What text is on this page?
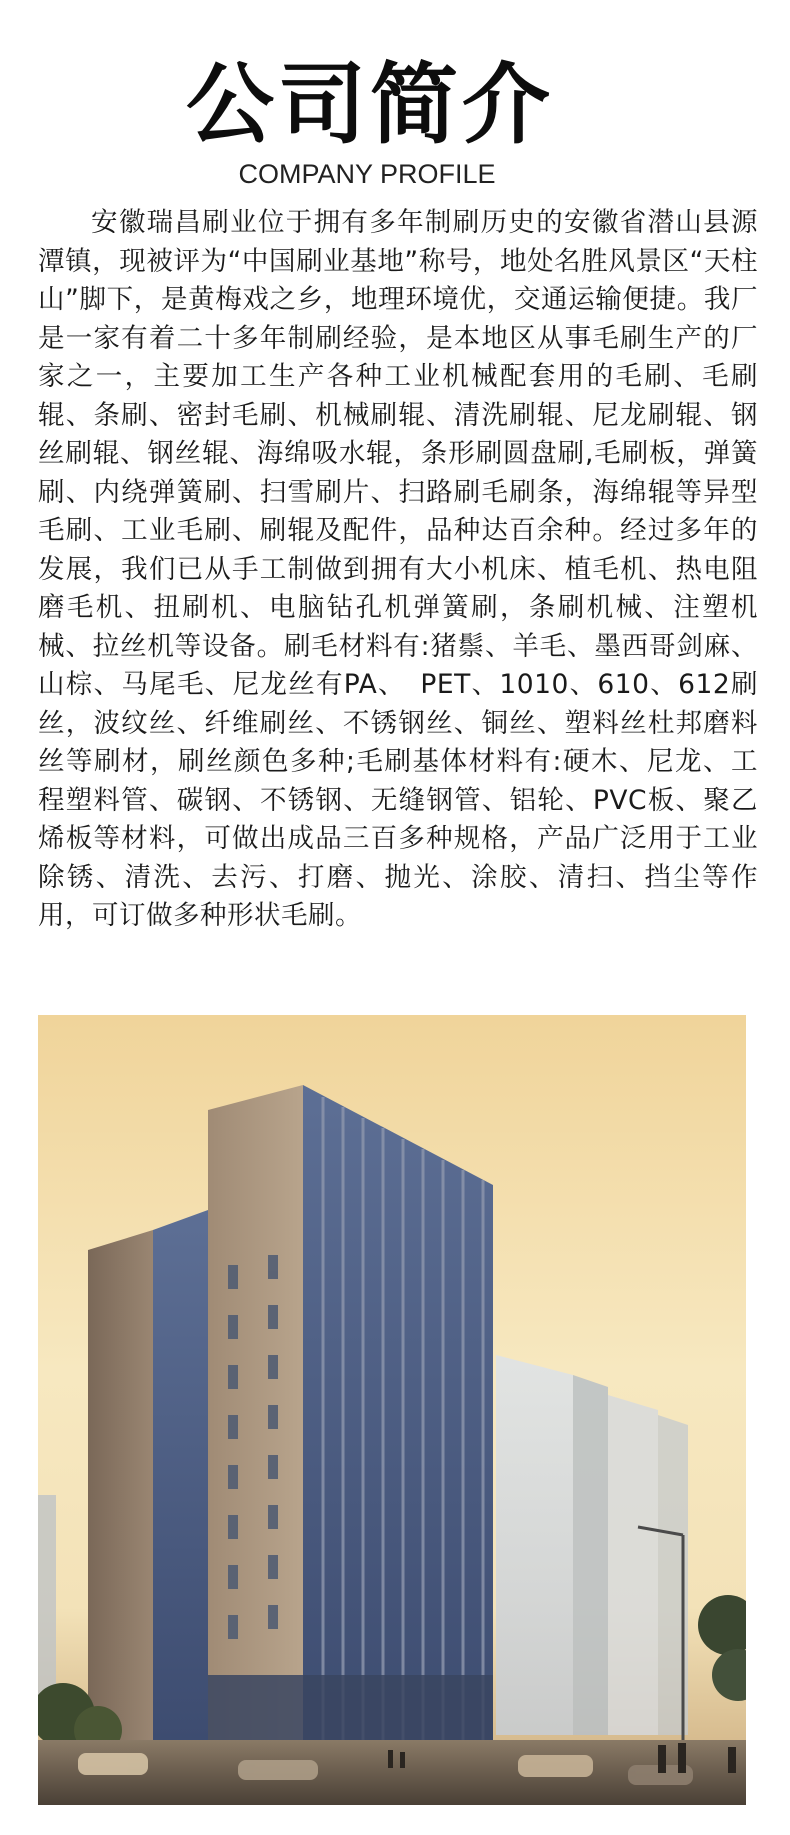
公司简介
COMPANY PROFILE

安徽瑞昌刷业位于拥有多年制刷历史的安徽省潜山县源潭镇，现被评为“中国刷业基地”称号，地处名胜风景区“天柱山”脚下，是黄梅戏之乡，地理环境优，交通运输便捷。我厂是一家有着二十多年制刷经验，是本地区从事毛刷生产的厂家之一，主要加工生产各种工业机械配套用的毛刷、毛刷辊、条刷、密封毛刷、机械刷辊、清洗刷辊、尼龙刷辊、钢丝刷辊、钢丝辊、海绵吸水辊，条形刷圆盘刷,毛刷板，弹簧刷、内绕弹簧刷、扫雪刷片、扫路刷毛刷条，海绵辊等异型毛刷、工业毛刷、刷辊及配件，品种达百余种。经过多年的发展，我们已从手工制做到拥有大小机床、植毛机、热电阻磨毛机、扭刷机、电脑钻孔机弹簧刷，条刷机械、注塑机械、拉丝机等设备。刷毛材料有:猪鬃、羊毛、墨西哥剑麻、山棕、马尾毛、尼龙丝有PA、　PET、1010、610、612刷丝，波纹丝、纤维刷丝、不锈钢丝、铜丝、塑料丝杜邦磨料丝等刷材，刷丝颜色多种;毛刷基体材料有:硬木、尼龙、工程塑料管、碳钢、不锈钢、无缝钢管、铝轮、PVC板、聚乙烯板等材料，可做出成品三百多种规格，产品广泛用于工业除锈、清洗、去污、打磨、抛光、涂胶、清扫、挡尘等作用，可订做多种形状毛刷。
